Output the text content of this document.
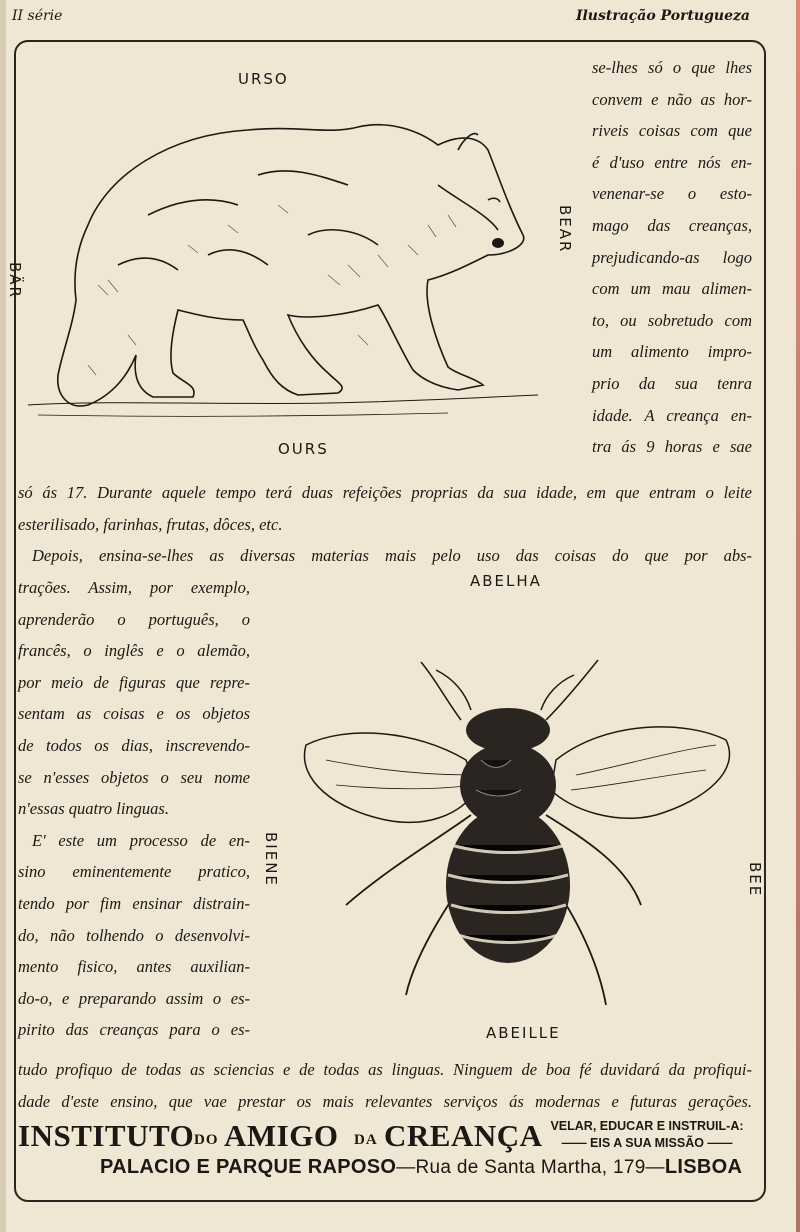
II série	Ilustração Portugueza
URSO
BEAR
BÄR
OURS
se-lhes só o que lhes
convem e não as hor-
riveis coisas com que
é d'uso entre nós en-
venenar-se o esto-
mago das creanças,
prejudicando-as logo
com um mau alimen-
to, ou sobretudo com
um alimento impro-
prio da sua tenra
idade. A creança en-
tra ás 9 horas e sae
só ás 17. Durante aquele tempo terá duas refeições proprias da sua idade, em que entram o leite
esterilisado, farinhas, frutas, dôces, etc.
Depois, ensina-se-lhes as diversas materias mais pelo uso das coisas do que por abs-
trações. Assim, por exemplo,
aprenderão o português, o
francês, o inglês e o alemão,
por meio de figuras que repre-
sentam as coisas e os objetos
de todos os dias, inscrevendo-
se n'esses objetos o seu nome
n'essas quatro linguas.
E' este um processo de en-
sino eminentemente pratico,
tendo por fim ensinar distrain-
do, não tolhendo o desenvolvi-
mento fisico, antes auxilian-
do-o, e preparando assim o es-
pirito das creanças para o es-
ABELHA
BIENE	BEE
ABEILLE
tudo profiquo de todas as sciencias e de todas as linguas. Ninguem de boa fé duvidará da profiqui-
dade d'este ensino, que vae prestar os mais relevantes serviços ás modernas e futuras gerações.
INSTITUTO DO AMIGO DA CREANÇA VELAR, EDUCAR E INSTRUIL-A:
—— EIS A SUA MISSÃO ——
PALACIO E PARQUE RAPOSO—Rua de Santa Martha, 179—LISBOA
